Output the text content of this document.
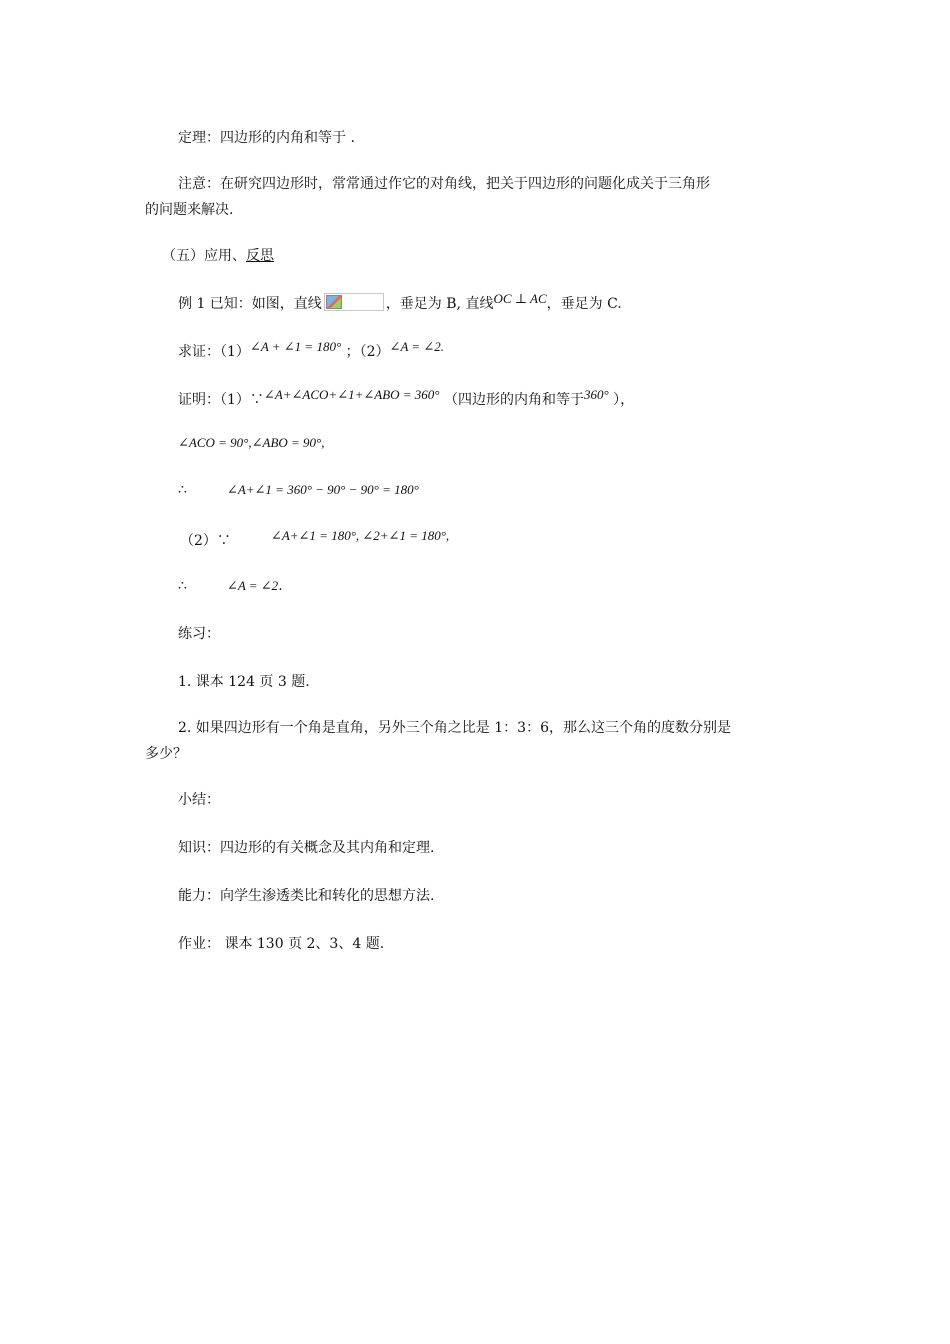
定理：四边形的内角和等于 .
注意：在研究四边形时，常常通过作它的对角线，把关于四边形的问题化成关于三角形
的问题来解决.
（五）应用、反思
例 1 已知：如图，直线	，垂足为 B, 直线OC ⊥ AC，垂足为 C.
求证：（1）∠A + ∠1 = 180° ；（2）∠A = ∠2.
证明：（1）∵∠A+∠ACO+∠1+∠ABO = 360° （四边形的内角和等于360° ），
∠ACO = 90°,∠ABO = 90°,
∴	∠A+∠1 = 360° − 90° − 90° = 180°
（2）∵	∠A+∠1 = 180°, ∠2+∠1 = 180°,
∴	∠A = ∠2.
练习：
1. 课本 124 页 3 题.
2. 如果四边形有一个角是直角，另外三个角之比是 1：3：6，那么这三个角的度数分别是
多少？
小结：
知识：四边形的有关概念及其内角和定理.
能力：向学生渗透类比和转化的思想方法.
作业： 课本 130 页 2、3、4 题.
